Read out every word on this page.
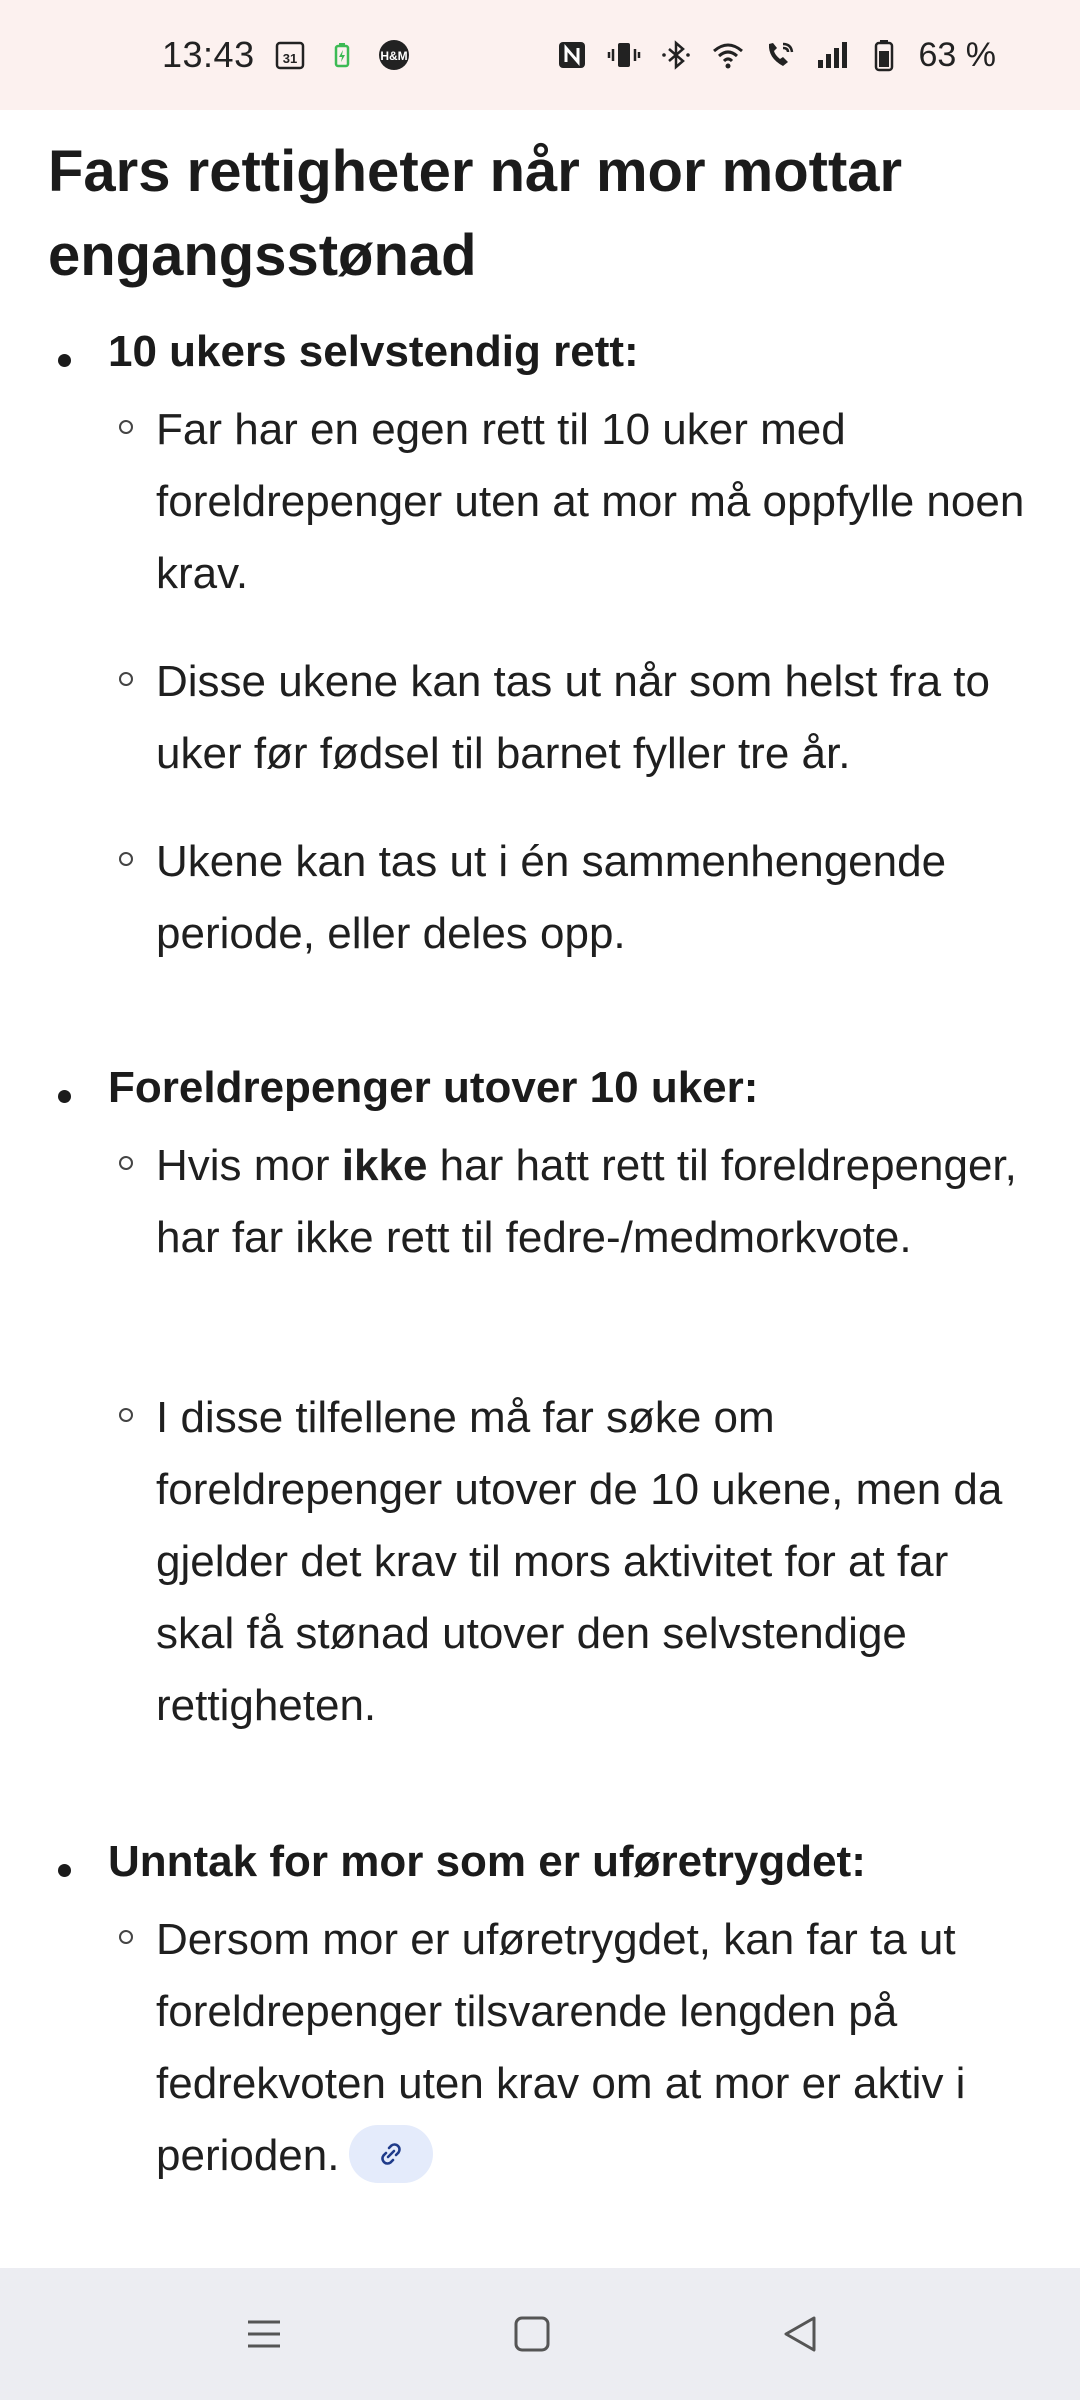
13:43 31	H&M	63 %
Fars rettigheter når mor mottar engangsstønad
10 ukers selvstendig rett:
Far har en egen rett til 10 uker med foreldrepenger uten at mor må oppfylle noen krav.
Disse ukene kan tas ut når som helst fra to uker før fødsel til barnet fyller tre år.
Ukene kan tas ut i én sammenhengende periode, eller deles opp.
Foreldrepenger utover 10 uker:
Hvis mor ikke har hatt rett til foreldrepenger, har far ikke rett til fedre-/medmorkvote.
I disse tilfellene må far søke om foreldrepenger utover de 10 ukene, men da gjelder det krav til mors aktivitet for at far skal få stønad utover den selvstendige rettigheten.
Unntak for mor som er uføretrygdet:
Dersom mor er uføretrygdet, kan far ta ut foreldrepenger tilsvarende lengden på fedrekvoten uten krav om at mor er aktiv i perioden.
